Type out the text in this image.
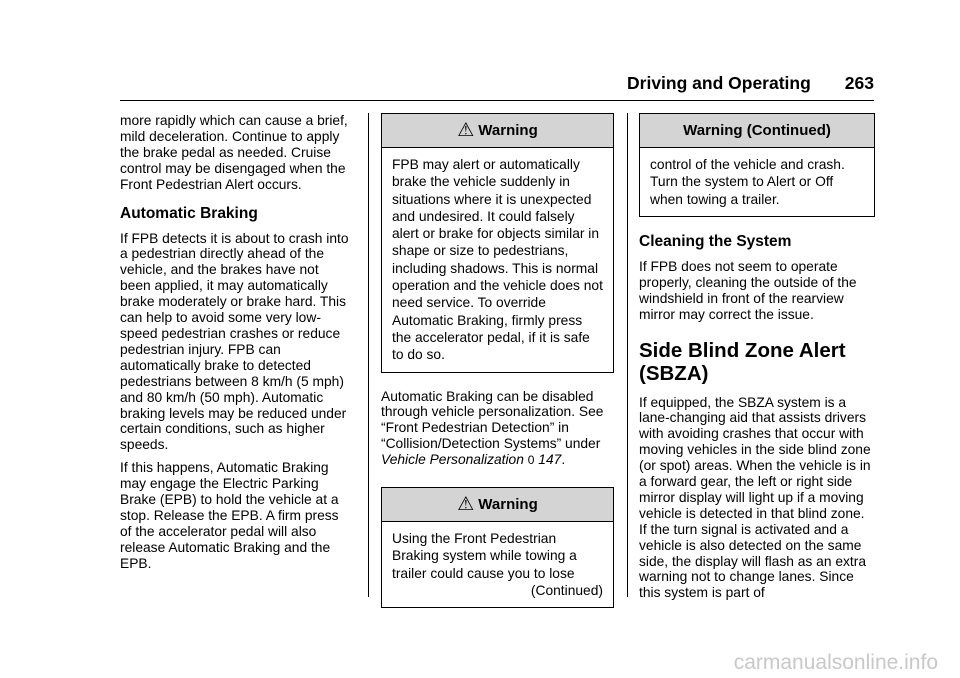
Driving and Operating 263

more rapidly which can cause a brief, mild deceleration. Continue to apply the brake pedal as needed. Cruise control may be disengaged when the Front Pedestrian Alert occurs.

Automatic Braking

If FPB detects it is about to crash into a pedestrian directly ahead of the vehicle, and the brakes have not been applied, it may automatically brake moderately or brake hard. This can help to avoid some very low-speed pedestrian crashes or reduce pedestrian injury. FPB can automatically brake to detected pedestrians between 8 km/h (5 mph) and 80 km/h (50 mph). Automatic braking levels may be reduced under certain conditions, such as higher speeds.

If this happens, Automatic Braking may engage the Electric Parking Brake (EPB) to hold the vehicle at a stop. Release the EPB. A firm press of the accelerator pedal will also release Automatic Braking and the EPB.

⚠ Warning
FPB may alert or automatically brake the vehicle suddenly in situations where it is unexpected and undesired. It could falsely alert or brake for objects similar in shape or size to pedestrians, including shadows. This is normal operation and the vehicle does not need service. To override Automatic Braking, firmly press the accelerator pedal, if it is safe to do so.

Automatic Braking can be disabled through vehicle personalization. See “Front Pedestrian Detection” in “Collision/Detection Systems” under Vehicle Personalization 0 147.

⚠ Warning
Using the Front Pedestrian Braking system while towing a trailer could cause you to lose
(Continued)
Warning (Continued)
control of the vehicle and crash. Turn the system to Alert or Off when towing a trailer.
Cleaning the System

If FPB does not seem to operate properly, cleaning the outside of the windshield in front of the rearview mirror may correct the issue.

Side Blind Zone Alert (SBZA)

If equipped, the SBZA system is a lane-changing aid that assists drivers with avoiding crashes that occur with moving vehicles in the side blind zone (or spot) areas. When the vehicle is in a forward gear, the left or right side mirror display will light up if a moving vehicle is detected in that blind zone. If the turn signal is activated and a vehicle is also detected on the same side, the display will flash as an extra warning not to change lanes. Since this system is part of

carmanualsonline.info
